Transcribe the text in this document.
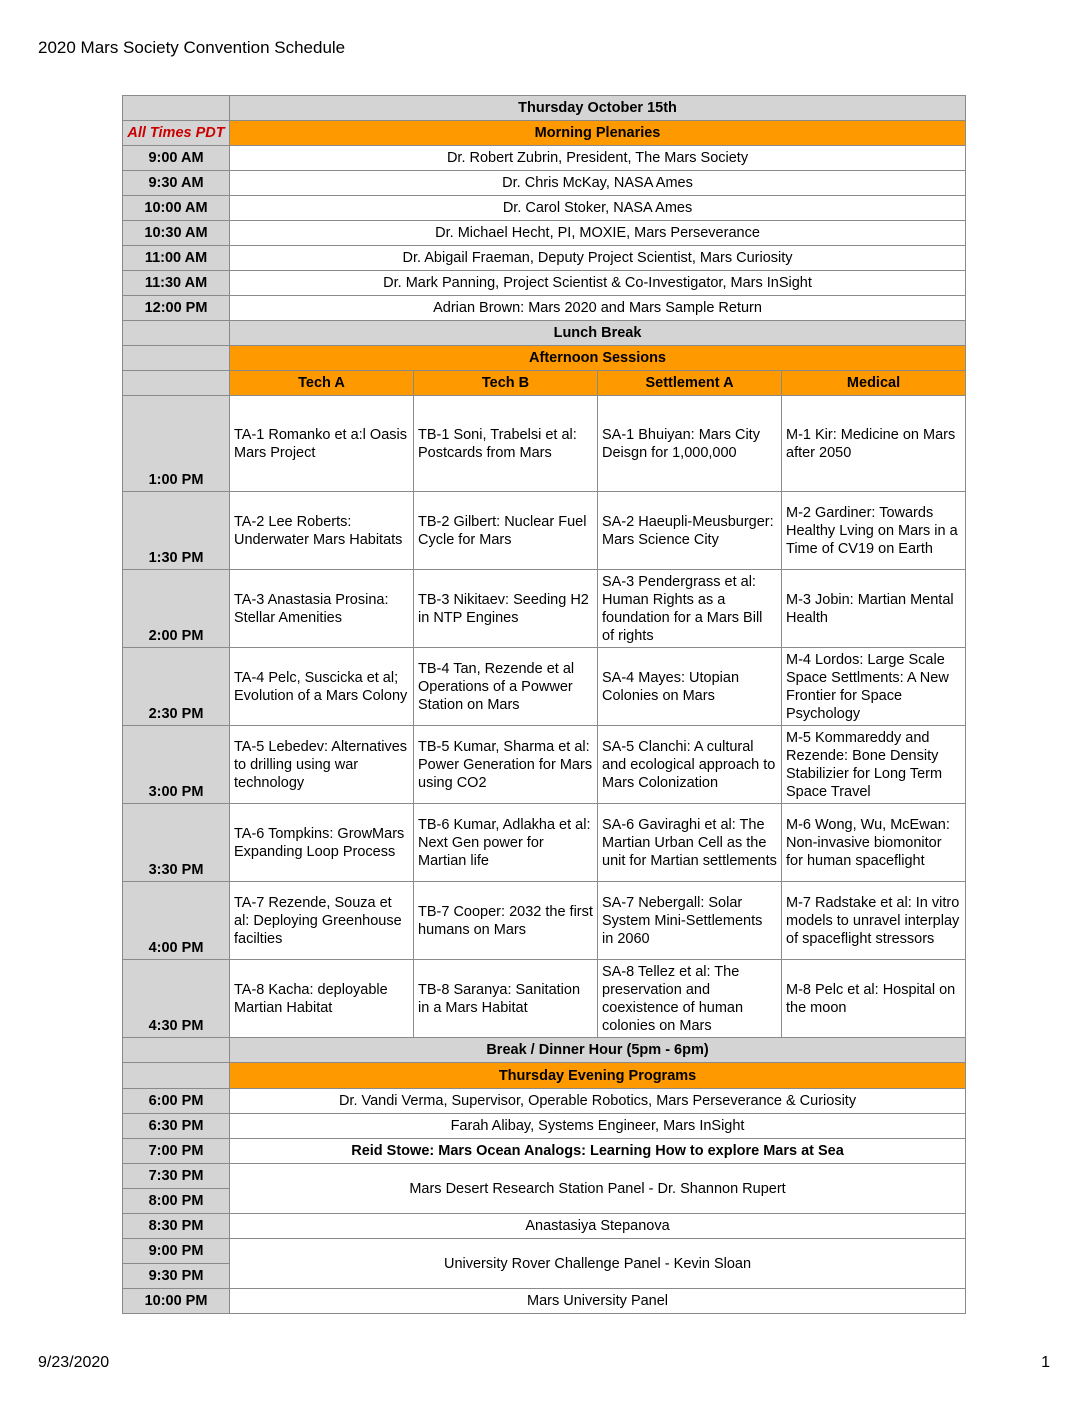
2020 Mars Society Convention Schedule
	Thursday October 15th			
All Times PDT	Morning Plenaries			
9:00 AM	Dr. Robert Zubrin, President, The Mars Society			
9:30 AM	Dr. Chris McKay, NASA Ames			
10:00 AM	Dr. Carol Stoker, NASA Ames			
10:30 AM	Dr. Michael Hecht, PI, MOXIE, Mars Perseverance			
11:00 AM	Dr. Abigail Fraeman, Deputy Project Scientist, Mars Curiosity			
11:30 AM	Dr. Mark Panning, Project Scientist & Co-Investigator, Mars InSight			
12:00 PM	Adrian Brown: Mars 2020 and Mars Sample Return			
	Lunch Break			
	Afternoon Sessions			
	Tech A	Tech B	Settlement A	Medical
1:00 PM	TA-1 Romanko et a:l Oasis Mars Project	TB-1 Soni, Trabelsi et al: Postcards from Mars	SA-1 Bhuiyan: Mars City Deisgn for 1,000,000	M-1 Kir: Medicine on Mars after 2050
1:30 PM	TA-2 Lee Roberts: Underwater Mars Habitats	TB-2 Gilbert: Nuclear Fuel Cycle for Mars	SA-2 Haeupli-Meusburger: Mars Science City	M-2 Gardiner: Towards Healthy Lving on Mars in a Time of CV19 on Earth
2:00 PM	TA-3 Anastasia Prosina: Stellar Amenities	TB-3 Nikitaev: Seeding H2 in NTP Engines	SA-3 Pendergrass et al: Human Rights as a foundation for a Mars Bill of rights	M-3 Jobin: Martian Mental Health
2:30 PM	TA-4 Pelc, Suscicka et al; Evolution of a Mars Colony	TB-4 Tan, Rezende et al Operations of a Powwer Station on Mars	SA-4 Mayes: Utopian Colonies on Mars	M-4 Lordos: Large Scale Space Settlments: A New Frontier for Space Psychology
3:00 PM	TA-5 Lebedev: Alternatives to drilling using war technology	TB-5 Kumar, Sharma et al: Power Generation for Mars using CO2	SA-5 Clanchi: A cultural and ecological approach to Mars Colonization	M-5 Kommareddy and Rezende: Bone Density Stabilizier for Long Term Space Travel
3:30 PM	TA-6 Tompkins: GrowMars Expanding Loop Process	TB-6 Kumar, Adlakha et al: Next Gen power for Martian life	SA-6 Gaviraghi et al: The Martian Urban Cell as the unit for Martian settlements	M-6 Wong, Wu, McEwan: Non-invasive biomonitor for human spaceflight
4:00 PM	TA-7 Rezende, Souza et al: Deploying Greenhouse facilties	TB-7 Cooper: 2032 the first humans on Mars	SA-7 Nebergall: Solar System Mini-Settlements in 2060	M-7 Radstake et al: In vitro models to unravel interplay of spaceflight stressors
4:30 PM	TA-8 Kacha: deployable Martian Habitat	TB-8 Saranya: Sanitation in a Mars Habitat	SA-8 Tellez et al: The preservation and coexistence of human colonies on Mars	M-8 Pelc et al: Hospital on the moon
	Break / Dinner Hour (5pm - 6pm)			
	Thursday Evening Programs			
6:00 PM	Dr. Vandi Verma, Supervisor, Operable Robotics, Mars Perseverance & Curiosity			
6:30 PM	Farah Alibay, Systems Engineer, Mars InSight			
7:00 PM	Reid Stowe: Mars Ocean Analogs: Learning How to explore Mars at Sea			
7:30 PM	Mars Desert Research Station Panel - Dr. Shannon Rupert			
8:00 PM				
8:30 PM	Anastasiya Stepanova			
9:00 PM	University Rover Challenge Panel - Kevin Sloan			
9:30 PM				
10:00 PM	Mars University Panel			
9/23/2020	1
